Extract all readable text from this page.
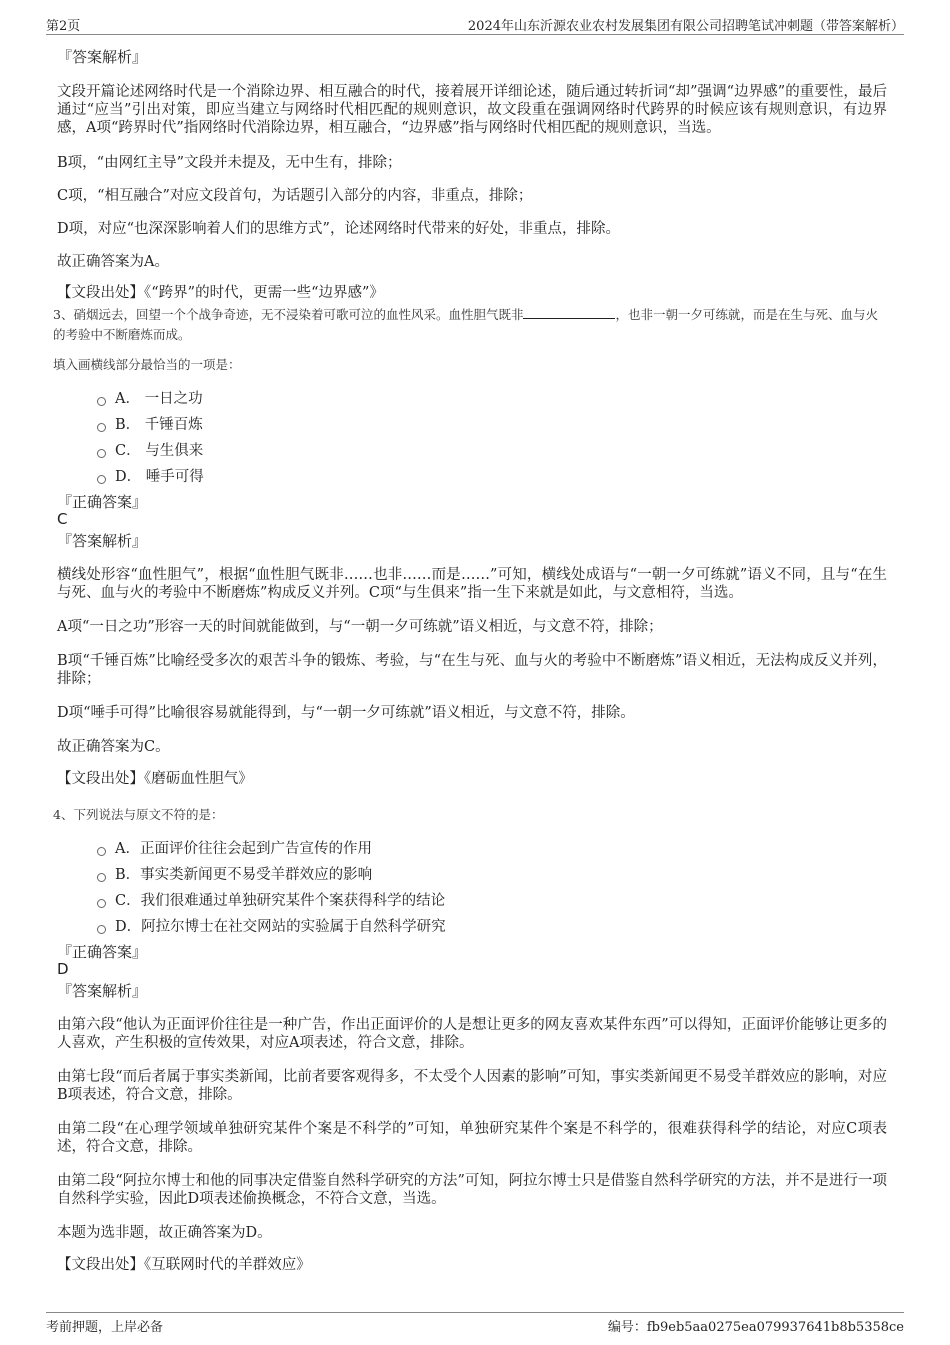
第2页	2024年山东沂源农业农村发展集团有限公司招聘笔试冲刺题（带答案解析）

『答案解析』

文段开篇论述网络时代是一个消除边界、相互融合的时代，接着展开详细论述，随后通过转折词“却”强调“边界感”的重要性，最后通过“应当”引出对策，即应当建立与网络时代相匹配的规则意识，故文段重在强调网络时代跨界的时候应该有规则意识，有边界感，A项“跨界时代”指网络时代消除边界，相互融合，“边界感”指与网络时代相匹配的规则意识，当选。

B项，“由网红主导”文段并未提及，无中生有，排除；

C项，“相互融合”对应文段首句，为话题引入部分的内容，非重点，排除；

D项，对应“也深深影响着人们的思维方式”，论述网络时代带来的好处，非重点，排除。

故正确答案为A。

【文段出处】《“跨界”的时代，更需一些“边界感”》

3、硝烟远去，回望一个个战争奇迹，无不浸染着可歌可泣的血性风采。血性胆气既非	，也非一朝一夕可练就，而是在生与死、血与火的考验中不断磨炼而成。

填入画横线部分最恰当的一项是：

A． 一日之功
B． 千锤百炼
C． 与生俱来
D． 唾手可得

『正确答案』

C

『答案解析』

横线处形容“血性胆气”，根据“血性胆气既非……也非……而是……”可知，横线处成语与“一朝一夕可练就”语义不同，且与“在生与死、血与火的考验中不断磨炼”构成反义并列。C项“与生俱来”指一生下来就是如此，与文意相符，当选。

A项“一日之功”形容一天的时间就能做到，与“一朝一夕可练就”语义相近，与文意不符，排除；

B项“千锤百炼”比喻经受多次的艰苦斗争的锻炼、考验，与“在生与死、血与火的考验中不断磨炼”语义相近，无法构成反义并列，排除；

D项“唾手可得”比喻很容易就能得到，与“一朝一夕可练就”语义相近，与文意不符，排除。

故正确答案为C。

【文段出处】《磨砺血性胆气》

4、下列说法与原文不符的是：

A．正面评价往往会起到广告宣传的作用
B．事实类新闻更不易受羊群效应的影响
C．我们很难通过单独研究某件个案获得科学的结论
D．阿拉尔博士在社交网站的实验属于自然科学研究

『正确答案』

D

『答案解析』

由第六段“他认为正面评价往往是一种广告，作出正面评价的人是想让更多的网友喜欢某件东西”可以得知，正面评价能够让更多的人喜欢，产生积极的宣传效果，对应A项表述，符合文意，排除。

由第七段“而后者属于事实类新闻，比前者要客观得多，不太受个人因素的影响”可知，事实类新闻更不易受羊群效应的影响，对应B项表述，符合文意，排除。

由第二段“在心理学领域单独研究某件个案是不科学的”可知，单独研究某件个案是不科学的，很难获得科学的结论，对应C项表述，符合文意，排除。

由第二段“阿拉尔博士和他的同事决定借鉴自然科学研究的方法”可知，阿拉尔博士只是借鉴自然科学研究的方法，并不是进行一项自然科学实验，因此D项表述偷换概念，不符合文意，当选。

本题为选非题，故正确答案为D。

【文段出处】《互联网时代的羊群效应》

考前押题，上岸必备	编号：fb9eb5aa0275ea079937641b8b5358ce
